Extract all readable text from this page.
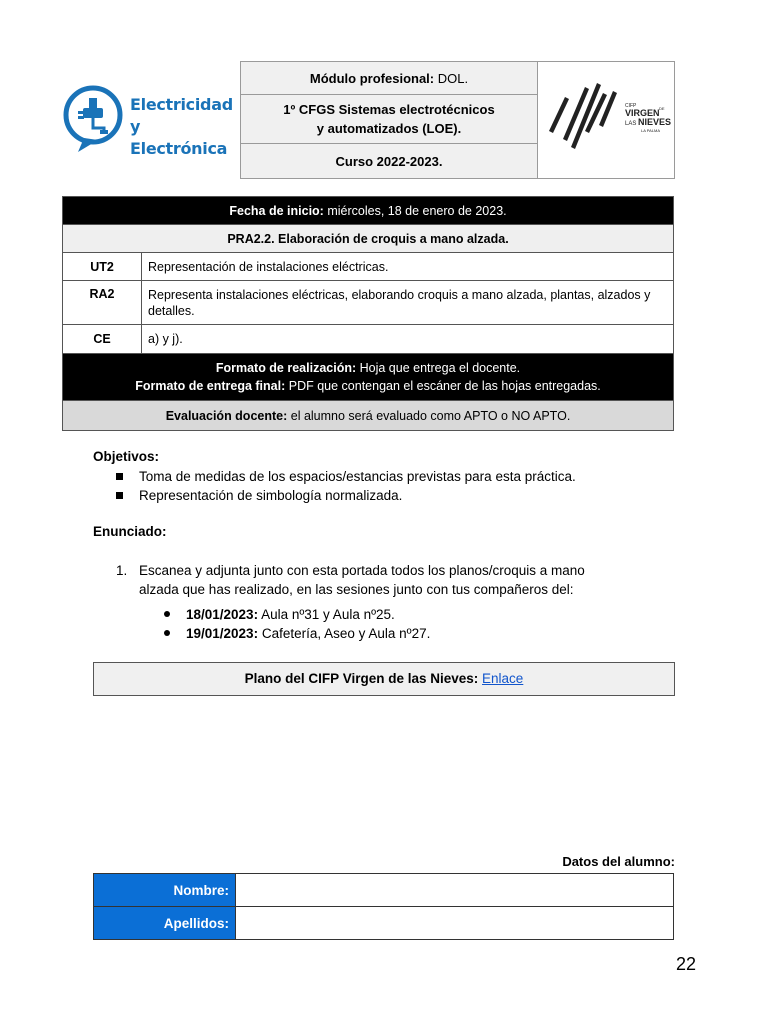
Electricidad y
Electrónica
Módulo profesional: DOL.	
CIFP
VIRGEN DE
LAS NIEVES
LA PALMA

1º CFGS Sistemas electrotécnicos
y automatizados (LOE).

Curso 2022-2023.
Fecha de inicio: miércoles, 18 de enero de 2023.	
PRA2.2. Elaboración de croquis a mano alzada.	
UT2	Representación de instalaciones eléctricas.
RA2	Representa instalaciones eléctricas, elaborando croquis a mano alzada, plantas, alzados y detalles.
CE	a) y j).

Formato de realización: Hoja que entrega el docente.
Formato de entrega final: PDF que contengan el escáner de las hojas entregadas.	

Evaluación docente: el alumno será evaluado como APTO o NO APTO.	
Objetivos:
Toma de medidas de los espacios/estancias previstas para esta práctica.
Representación de simbología normalizada.
Enunciado:
1. Escanea y adjunta junto con esta portada todos los planos/croquis a mano
alzada que has realizado, en las sesiones junto con tus compañeros del:
18/01/2023: Aula nº31 y Aula nº25.
19/01/2023: Cafetería, Aseo y Aula nº27.
Plano del CIFP Virgen de las Nieves: Enlace
Datos del alumno:
Nombre:	
Apellidos:	
22
